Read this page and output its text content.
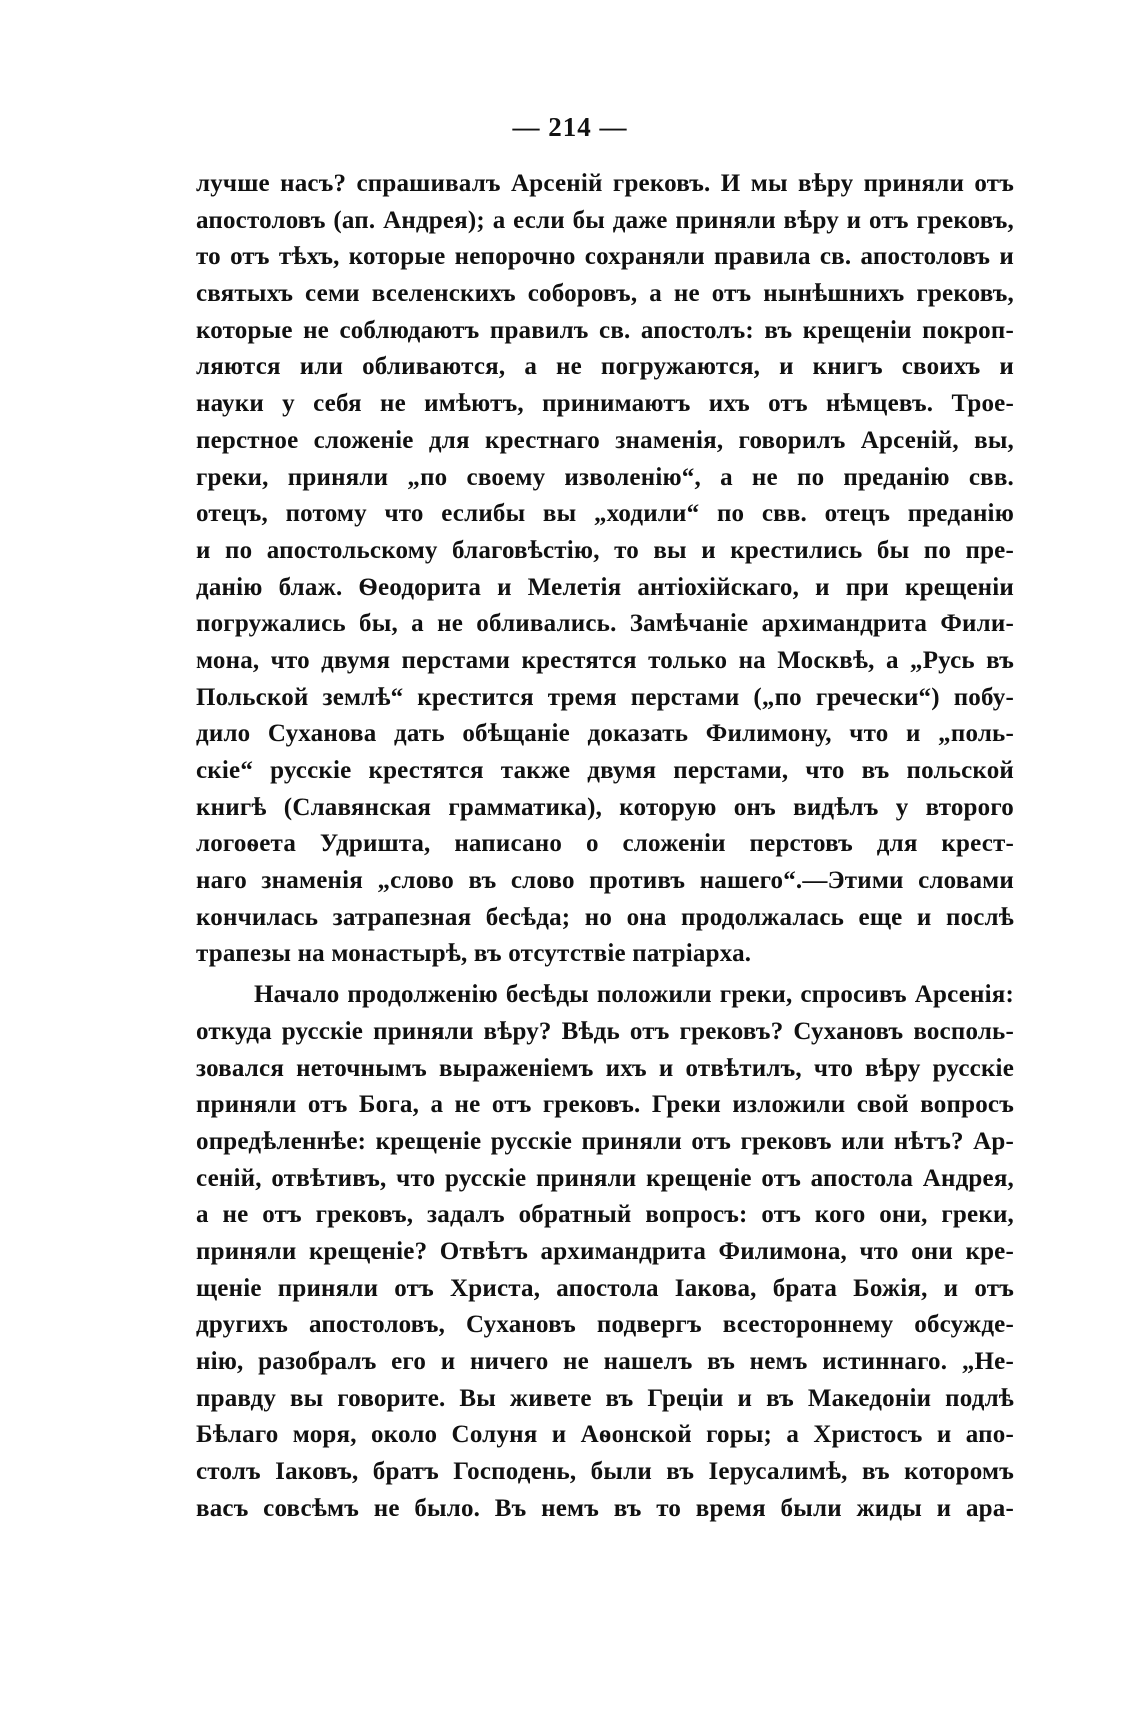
— 214 —
лучше насъ? спрашивалъ Арсеній грековъ. И мы вѣру приняли отъ
апостоловъ (ап. Андрея); а если бы даже приняли вѣру и отъ грековъ,
то отъ тѣхъ, которые непорочно сохраняли правила св. апостоловъ и
святыхъ семи вселенскихъ соборовъ, а не отъ нынѣшнихъ грековъ,
которые не соблюдаютъ правилъ св. апостолъ: въ крещеніи покроп-
ляются или обливаются, а не погружаются, и книгъ своихъ и
науки у себя не имѣютъ, принимаютъ ихъ отъ нѣмцевъ. Трое-
перстное сложеніе для крестнаго знаменія, говорилъ Арсеній, вы,
греки, приняли „по своему изволенію“, а не по преданію свв.
отецъ, потому что еслибы вы „ходили“ по свв. отецъ преданію
и по апостольскому благовѣстію, то вы и крестились бы по пре-
данію блаж. Ѳеодорита и Мелетія антіохійскаго, и при крещеніи
погружались бы, а не обливались. Замѣчаніе архимандрита Фили-
мона, что двумя перстами крестятся только на Москвѣ, а „Русь въ
Польской землѣ“ крестится тремя перстами („по гречески“) побу-
дило Суханова дать обѣщаніе доказать Филимону, что и „поль-
скіе“ русскіе крестятся также двумя перстами, что въ польской
книгѣ (Славянская грамматика), которую онъ видѣлъ у второго
логоѳета Удриштa, написано о сложеніи перстовъ для крест-
наго знаменія „слово въ слово противъ нашего“.—Этими словами
кончилась затрапезная бесѣда; но она продолжалась еще и послѣ
трапезы на монастырѣ, въ отсутствіе патріарха.
Начало продолженію бесѣды положили греки, спросивъ Арсенія:
откуда русскіе приняли вѣру? Вѣдь отъ грековъ? Сухановъ восполь-
зовался неточнымъ выраженіемъ ихъ и отвѣтилъ, что вѣру русскіе
приняли отъ Бога, а не отъ грековъ. Греки изложили свой вопросъ
опредѣленнѣе: крещеніе русскіе приняли отъ грековъ или нѣтъ? Ар-
сеній, отвѣтивъ, что русскіе приняли крещеніе отъ апостола Андрея,
а не отъ грековъ, задалъ обратный вопросъ: отъ кого они, греки,
приняли крещеніе? Отвѣтъ архимандрита Филимона, что они кре-
щеніе приняли отъ Христа, апостола Іакова, брата Божія, и отъ
другихъ апостоловъ, Сухановъ подвергъ всестороннему обсужде-
нію, разобралъ его и ничего не нашелъ въ немъ истиннаго. „Не-
правду вы говорите. Вы живете въ Греціи и въ Македоніи подлѣ
Бѣлаго моря, около Солуня и Аѳонской горы; а Христосъ и апо-
столъ Іаковъ, братъ Господень, были въ Іерусалимѣ, въ которомъ
васъ совсѣмъ не было. Въ немъ въ то время были жиды и ара-
